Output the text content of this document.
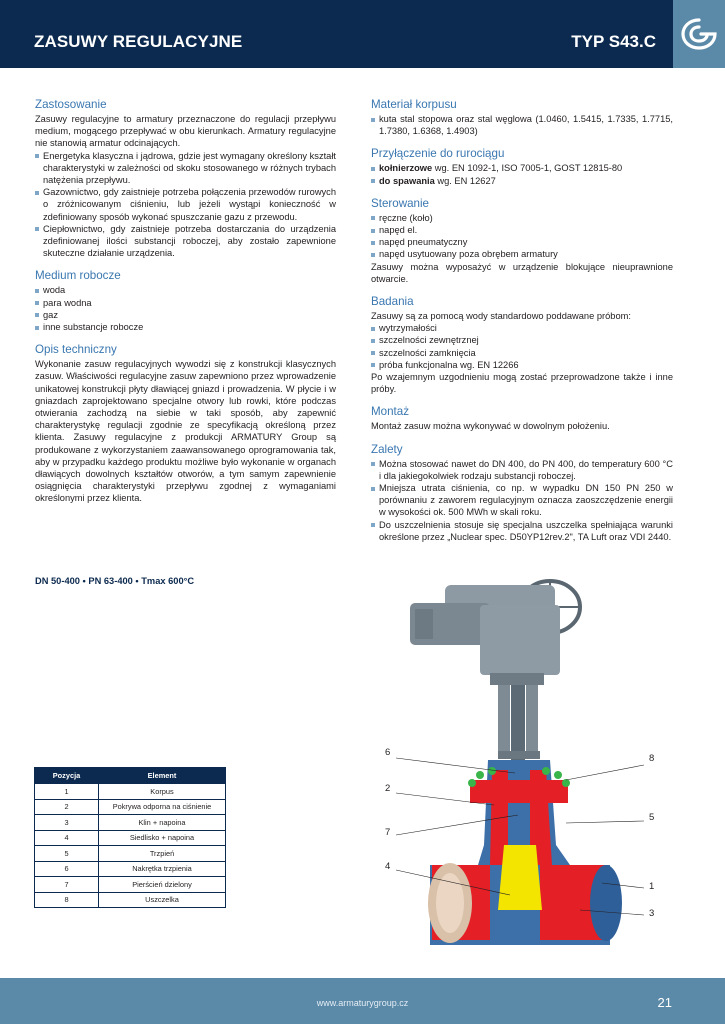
ZASUWY REGULACYJNE	TYP S43.C
Zastosowanie

Zasuwy regulacyjne to armatury przeznaczone do regulacji przepływu medium, mogącego przepływać w obu kierunkach. Armatury regulacyjne nie stanowią armatur odcinających.

Energetyka klasyczna i jądrowa, gdzie jest wymagany określony kształt charakterystyki w zależności od skoku stosowanego w różnych trybach natężenia przepływu.
Gazownictwo, gdy zaistnieje potrzeba połączenia przewodów rurowych o zróżnicowanym ciśnieniu, lub jeżeli wystąpi konieczność w zdefiniowany sposób wykonać spuszczanie gazu z przewodu.
Ciepłownictwo, gdy zaistnieje potrzeba dostarczania do urządzenia zdefiniowanej ilości substancji roboczej, aby zostało zapewnione skuteczne działanie urządzenia.
Medium robocze
woda
para wodna
gaz
inne substancje robocze
Opis techniczny

Wykonanie zasuw regulacyjnych wywodzi się z konstrukcji klasycznych zasuw. Właściwości regulacyjne zasuw zapewniono przez wprowadzenie unikatowej konstrukcji płyty dławiącej gniazd i prowadzenia. W płycie i w gniazdach zaprojektowano specjalne otwory lub rowki, które podczas otwierania zachodzą na siebie w taki sposób, aby zapewnić charakterystykę regulacji zgodnie ze specyfikacją określoną przez klienta. Zasuwy regulacyjne z produkcji ARMATURY Group są produkowane z wykorzystaniem zaawansowanego oprogramowania tak, aby w przypadku każdego produktu możliwe było wykonanie w organach dławiących dowolnych kształtów otworów, a tym samym zapewnienie osiągnięcia charakterystyki przepływu zgodnej z wymaganiami określonymi przez klienta.

DN 50-400 • PN 63-400 • Tmax 600°C
Materiał korpusu
kuta stal stopowa oraz stal węglowa (1.0460, 1.5415, 1.7335, 1.7715, 1.7380, 1.6368, 1.4903)
Przyłączenie do rurociągu
kołnierzowe wg. EN 1092-1, ISO 7005-1, GOST 12815-80
do spawania wg. EN 12627
Sterowanie
ręczne (koło)
napęd el.
napęd pneumatyczny
napęd usytuowany poza obrębem armatury

Zasuwy można wyposażyć w urządzenie blokujące nieuprawnione otwarcie.

Badania

Zasuwy są za pomocą wody standardowo poddawane próbom:

wytrzymałości
szczelności zewnętrznej
szczelności zamknięcia
próba funkcjonalna wg. EN 12266

Po wzajemnym uzgodnieniu mogą zostać przeprowadzone także i inne próby.

Montaż

Montaż zasuw można wykonywać w dowolnym położeniu.

Zalety
Można stosować nawet do DN 400, do PN 400, do temperatury 600 °C i dla jakiegokolwiek rodzaju substancji roboczej.
Mniejsza utrata ciśnienia, co np. w wypadku DN 150 PN 250 w porównaniu z zaworem regulacyjnym oznacza zaoszczędzenie energii w wysokości ok. 500 MWh w skali roku.
Do uszczelnienia stosuje się specjalna uszczelka spełniająca warunki określone przez „Nuclear spec. D50YP12rev.2", TA Luft oraz VDI 2440.
Pozycja	Element
1	Korpus
2	Pokrywa odporna na ciśnienie
3	Klin + napoina
4	Siedlisko + napoina
5	Trzpień
6	Nakrętka trzpienia
7	Pierścień dzielony
8	Uszczelka
6
2
7
4
8
5
1
3
www.armaturygroup.cz	21
